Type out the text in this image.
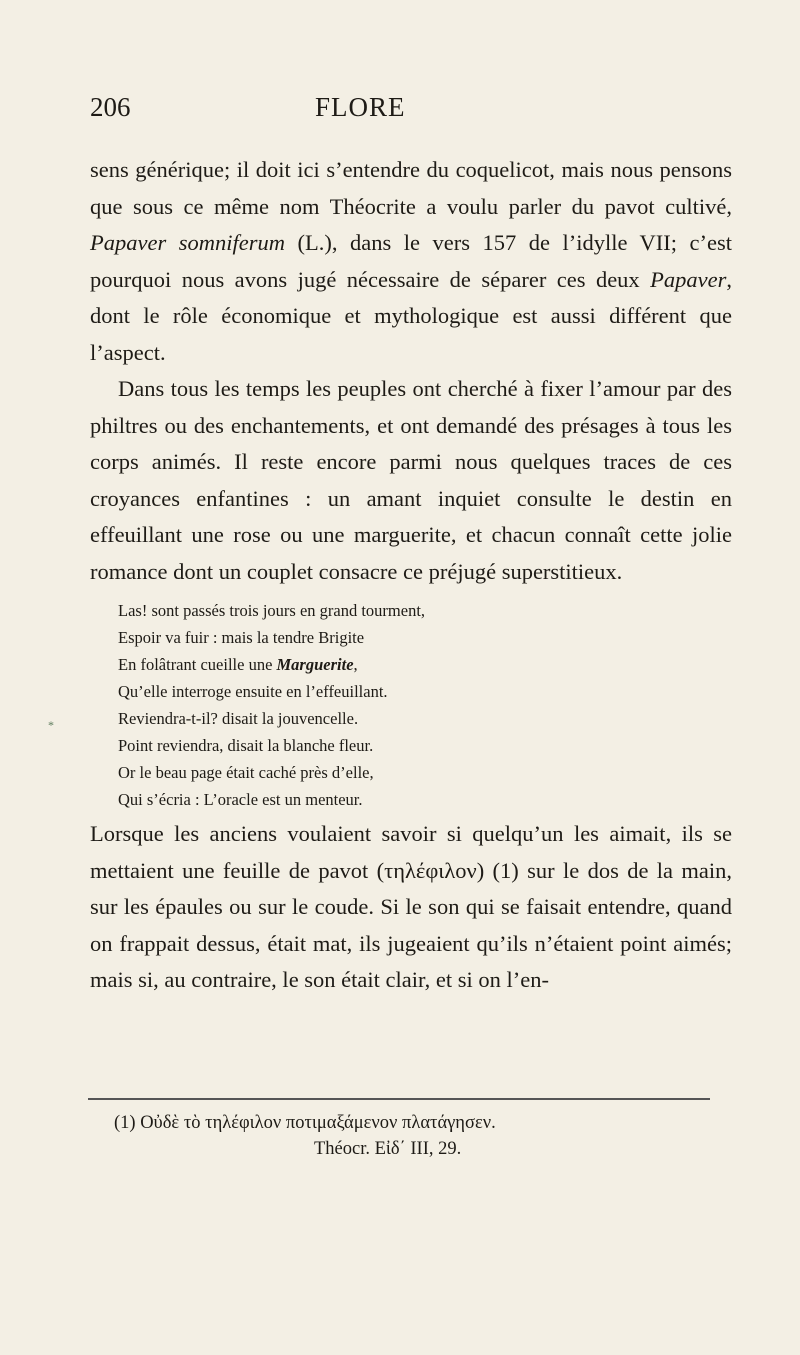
206	FLORE

sens générique; il doit ici s’entendre du coquelicot, mais nous pensons que sous ce même nom Théocrite a voulu parler du pavot cultivé, Papaver somniferum (L.), dans le vers 157 de l’idylle VII; c’est pourquoi nous avons jugé nécessaire de séparer ces deux Papaver, dont le rôle économique et mythologique est aussi différent que l’aspect.

Dans tous les temps les peuples ont cherché à fixer l’amour par des philtres ou des enchantements, et ont demandé des présages à tous les corps animés. Il reste encore parmi nous quelques traces de ces croyances enfantines : un amant inquiet consulte le destin en effeuillant une rose ou une marguerite, et chacun connaît cette jolie romance dont un couplet consacre ce préjugé superstitieux.

Las! sont passés trois jours en grand tourment,
Espoir va fuir : mais la tendre Brigite
En folâtrant cueille une Marguerite,
Qu’elle interroge ensuite en l’effeuillant.
Reviendra-t-il? disait la jouvencelle.
Point reviendra, disait la blanche fleur.
Or le beau page était caché près d’elle,
Qui s’écria : L’oracle est un menteur.

Lorsque les anciens voulaient savoir si quelqu’un les aimait, ils se mettaient une feuille de pavot (τηλέφιλον) (1) sur le dos de la main, sur les épaules ou sur le coude. Si le son qui se faisait entendre, quand on frappait dessus, était mat, ils jugeaient qu’ils n’étaient point aimés; mais si, au contraire, le son était clair, et si on l’en-

*
(1) Οὐδὲ τὸ τηλέφιλον ποτιμαξάμενον πλατάγησεν.
Théocr. Εἰδ΄ III, 29.
